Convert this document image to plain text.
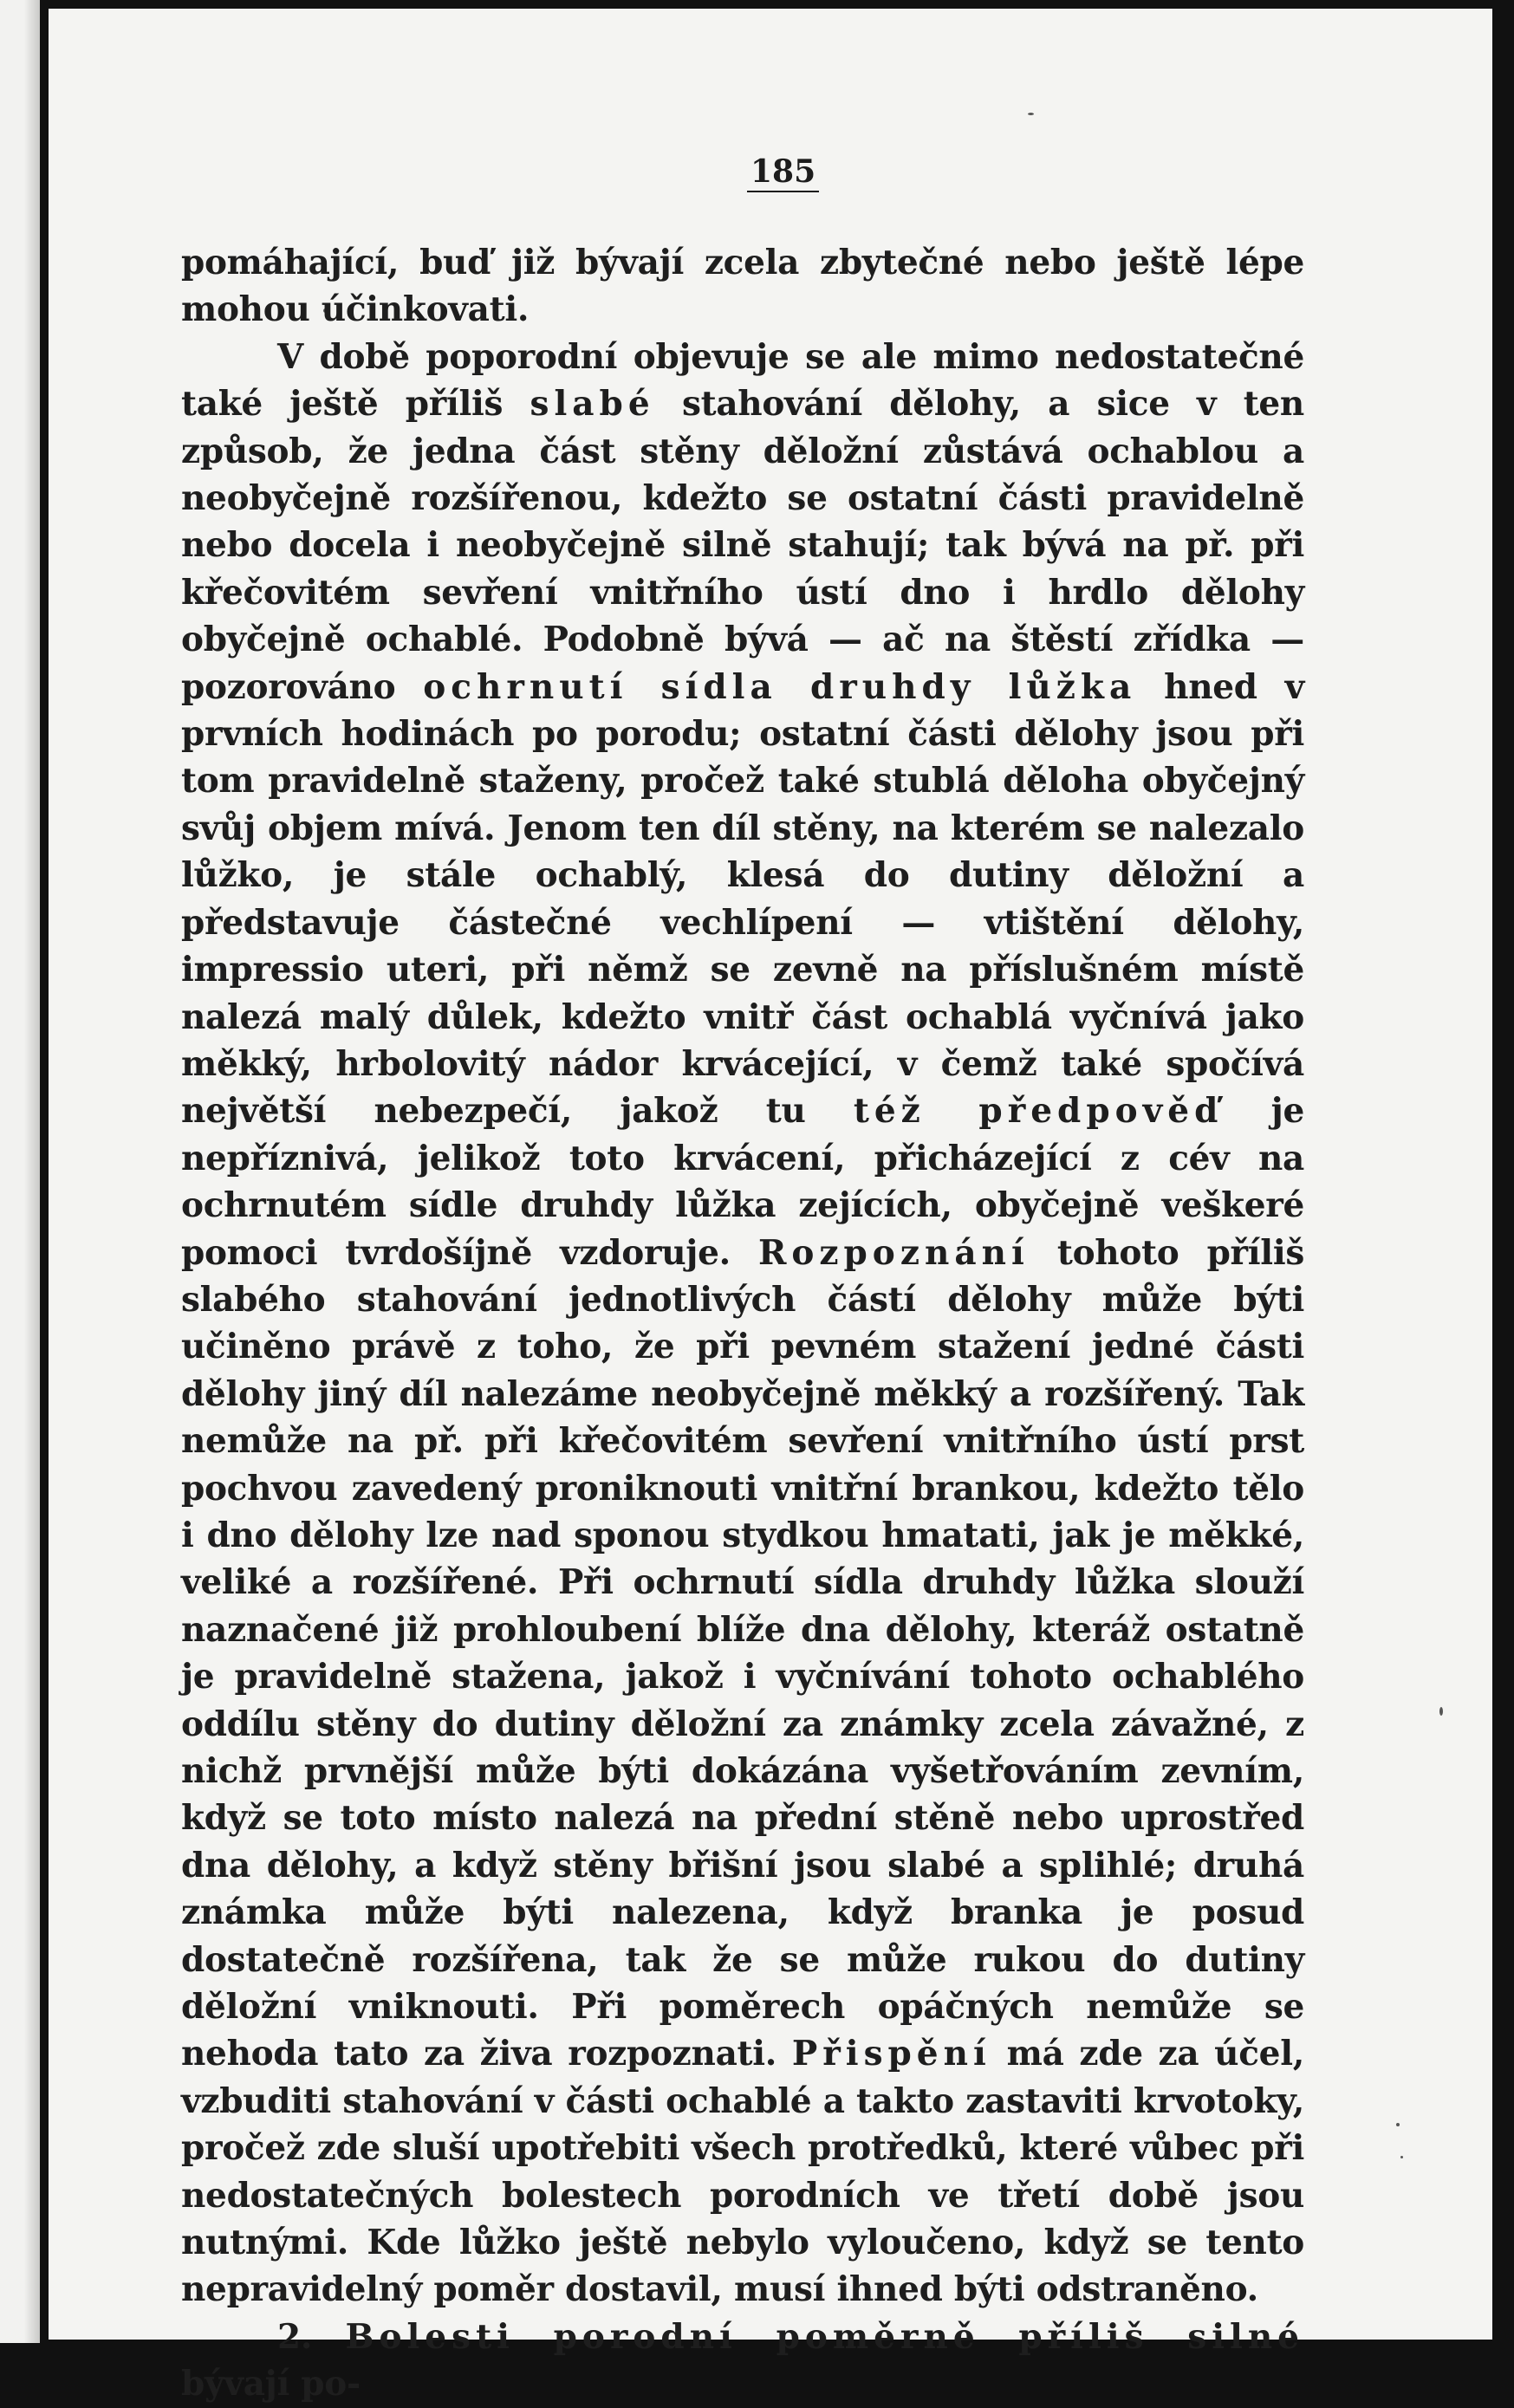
185

pomáhající, buď již bývají zcela zbytečné nebo ještě lépe mohou účinkovati.

V době poporodní objevuje se ale mimo nedostatečné také ještě příliš slabé stahování dělohy, a sice v ten způsob, že jedna část stěny děložní zůstává ochablou a neobyčejně rozšířenou, kdežto se ostatní části pravidelně nebo docela i neobyčejně silně stahují; tak bývá na př. při křečovitém sevření vnitřního ústí dno i hrdlo dělohy obyčejně ochablé. Podobně bývá — ač na štěstí zřídka — pozorováno ochrnutí sídla druhdy lůžka hned v prvních hodinách po porodu; ostatní části dělohy jsou při tom pravidelně staženy, pročež také stublá děloha obyčejný svůj objem mívá. Jenom ten díl stěny, na kterém se nalezalo lůžko, je stále ochablý, klesá do dutiny děložní a představuje částečné vechlípení — vtištění dělohy, impressio uteri, při němž se zevně na příslušném místě nalezá malý důlek, kdežto vnitř část ochablá vyčnívá jako měkký, hrbolovitý nádor krvácející, v čemž také spočívá největší nebezpečí, jakož tu též předpověď je nepříznivá, jelikož toto krvácení, přicházející z cév na ochrnutém sídle druhdy lůžka zejících, obyčejně veškeré pomoci tvrdošíjně vzdoruje. Rozpoznání tohoto příliš slabého stahování jednotlivých částí dělohy může býti učiněno právě z toho, že při pevném stažení jedné části dělohy jiný díl nalezáme neobyčejně měkký a rozšířený. Tak nemůže na př. při křečovitém sevření vnitřního ústí prst pochvou zavedený proniknouti vnitřní brankou, kdežto tělo i dno dělohy lze nad sponou stydkou hmatati, jak je měkké, veliké a rozšířené. Při ochrnutí sídla druhdy lůžka slouží naznačené již prohloubení blíže dna dělohy, kteráž ostatně je pravidelně stažena, jakož i vyčnívání tohoto ochablého oddílu stěny do dutiny děložní za známky zcela závažné, z nichž prvnější může býti dokázána vyšetřováním zevním, když se toto místo nalezá na přední stěně nebo uprostřed dna dělohy, a když stěny břišní jsou slabé a splihlé; druhá známka může býti nalezena, když branka je posud dostatečně rozšířena, tak že se může rukou do dutiny děložní vniknouti. Při poměrech opáčných nemůže se nehoda tato za živa rozpoznati. Přispění má zde za účel, vzbuditi stahování v části ochablé a takto zastaviti krvotoky, pročež zde sluší upotřebiti všech protředků, které vůbec při nedostatečných bolestech porodních ve třetí době jsou nutnými. Kde lůžko ještě nebylo vyloučeno, když se tento nepravidelný poměr dostavil, musí ihned býti odstraněno.

2. Bolesti porodní poměrně příliš silné bývají po-
